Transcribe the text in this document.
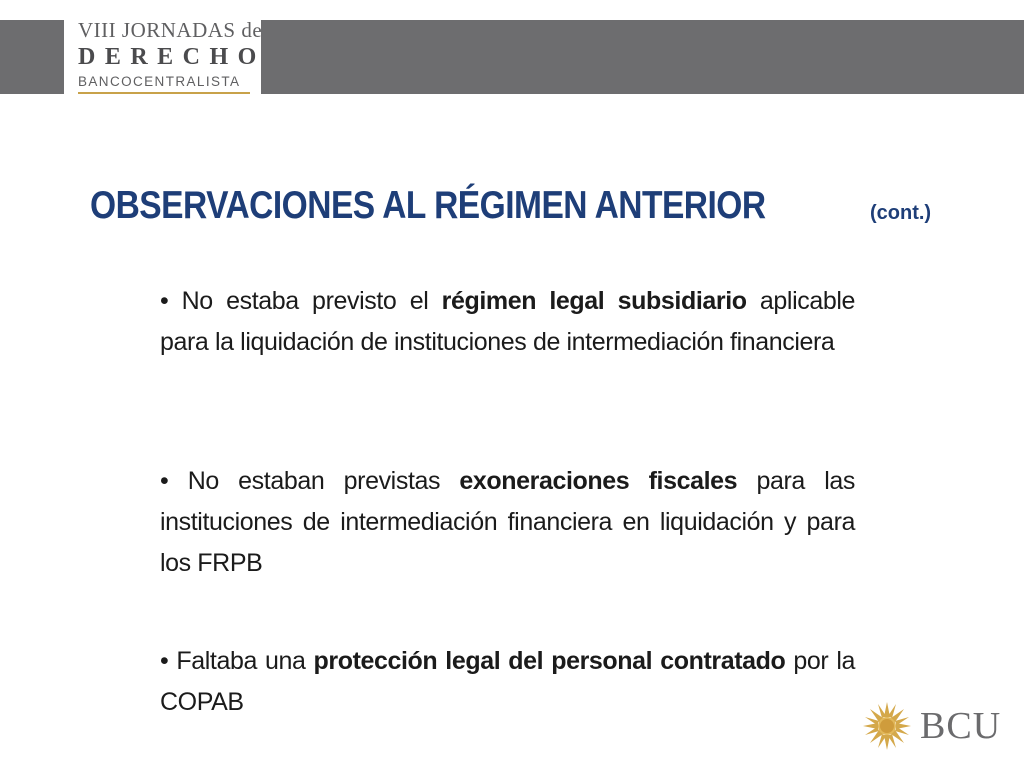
VIII JORNADAS de
DERECHO
BANCOCENTRALISTA
OBSERVACIONES AL RÉGIMEN ANTERIOR	(cont.)
• No estaba previsto el régimen legal subsidiario aplicable para la liquidación de instituciones de intermediación financiera
• No estaban previstas exoneraciones fiscales para las instituciones de intermediación financiera en liquidación y para los FRPB
• Faltaba una protección legal del personal contratado por la COPAB
BCU
